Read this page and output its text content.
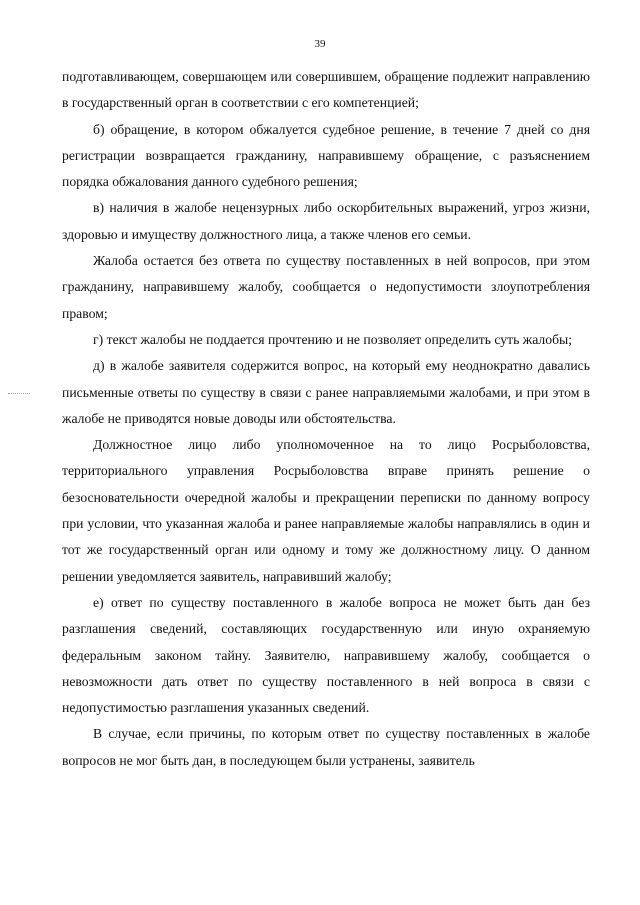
39

подготавливающем, совершающем или совершившем, обращение подлежит направлению в государственный орган в соответствии с его компетенцией;

б) обращение, в котором обжалуется судебное решение, в течение 7 дней со дня регистрации возвращается гражданину, направившему обращение, с разъяснением порядка обжалования данного судебного решения;

в) наличия в жалобе нецензурных либо оскорбительных выражений, угроз жизни, здоровью и имуществу должностного лица, а также членов его семьи.

Жалоба остается без ответа по существу поставленных в ней вопросов, при этом гражданину, направившему жалобу, сообщается о недопустимости злоупотребления правом;

г) текст жалобы не поддается прочтению и не позволяет определить суть жалобы;

д) в жалобе заявителя содержится вопрос, на который ему неоднократно давались письменные ответы по существу в связи с ранее направляемыми жалобами, и при этом в жалобе не приводятся новые доводы или обстоятельства.

Должностное лицо либо уполномоченное на то лицо Росрыболовства, территориального управления Росрыболовства вправе принять решение о безосновательности очередной жалобы и прекращении переписки по данному вопросу при условии, что указанная жалоба и ранее направляемые жалобы направлялись в один и тот же государственный орган или одному и тому же должностному лицу. О данном решении уведомляется заявитель, направивший жалобу;

е) ответ по существу поставленного в жалобе вопроса не может быть дан без разглашения сведений, составляющих государственную или иную охраняемую федеральным законом тайну. Заявителю, направившему жалобу, сообщается о невозможности дать ответ по существу поставленного в ней вопроса в связи с недопустимостью разглашения указанных сведений.

В случае, если причины, по которым ответ по существу поставленных в жалобе вопросов не мог быть дан, в последующем были устранены, заявитель
